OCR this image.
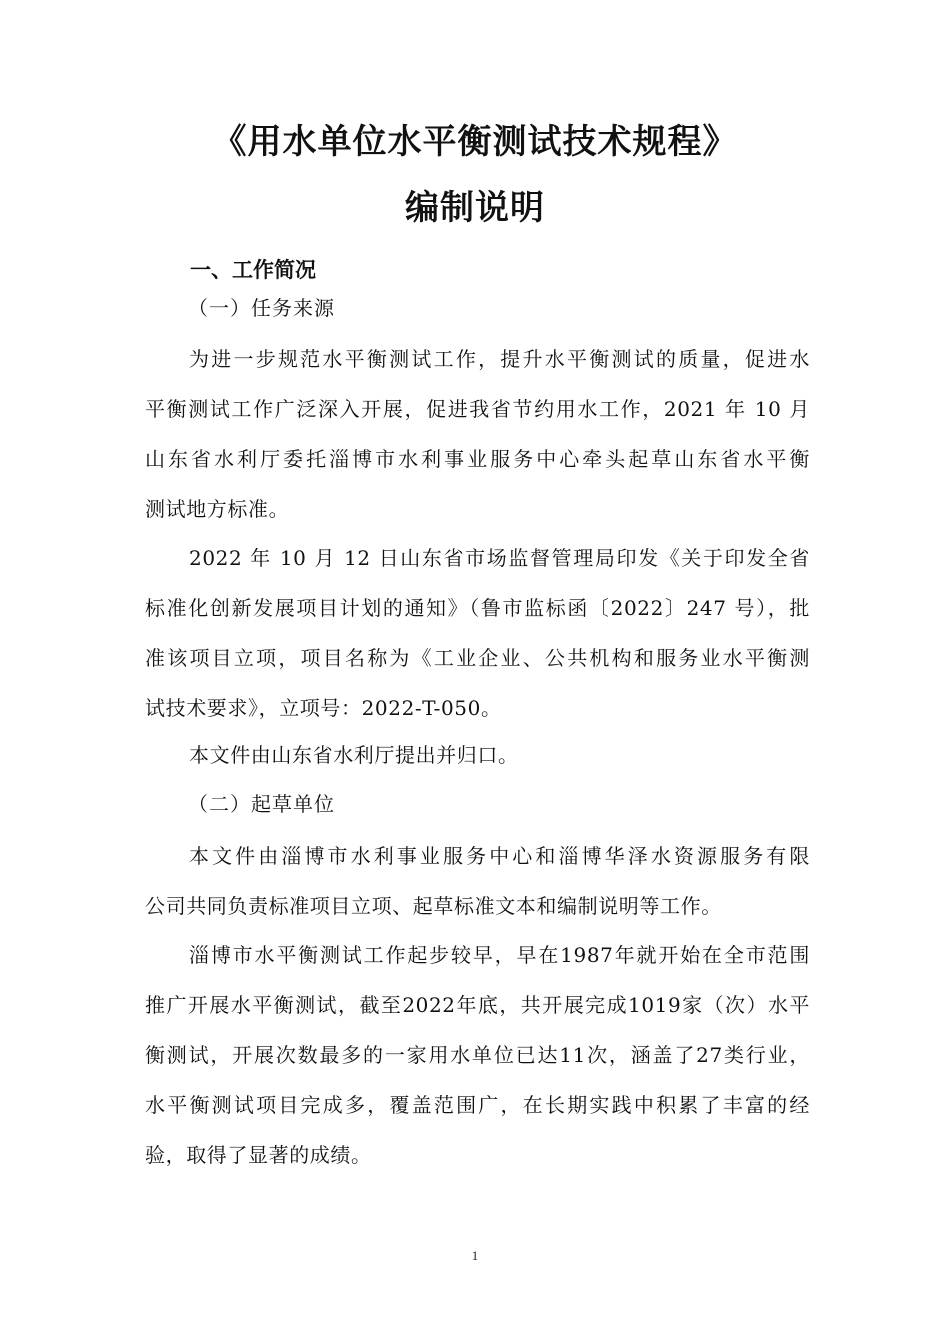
《用水单位水平衡测试技术规程》
编制说明
一、工作简况
（一）任务来源
为进一步规范水平衡测试工作，提升水平衡测试的质量，促进水
平衡测试工作广泛深入开展，促进我省节约用水工作，2021 年 10 月
山东省水利厅委托淄博市水利事业服务中心牵头起草山东省水平衡
测试地方标准。
2022 年 10 月 12 日山东省市场监督管理局印发《关于印发全省
标准化创新发展项目计划的通知》（鲁市监标函〔2022〕247 号），批
准该项目立项，项目名称为《工业企业、公共机构和服务业水平衡测
试技术要求》，立项号：2022-T-050。
本文件由山东省水利厅提出并归口。
（二）起草单位
本文件由淄博市水利事业服务中心和淄博华泽水资源服务有限
公司共同负责标准项目立项、起草标准文本和编制说明等工作。
淄博市水平衡测试工作起步较早，早在1987年就开始在全市范围
推广开展水平衡测试，截至2022年底，共开展完成1019家（次）水平
衡测试，开展次数最多的一家用水单位已达11次，涵盖了27类行业，
水平衡测试项目完成多，覆盖范围广，在长期实践中积累了丰富的经
验，取得了显著的成绩。
1
